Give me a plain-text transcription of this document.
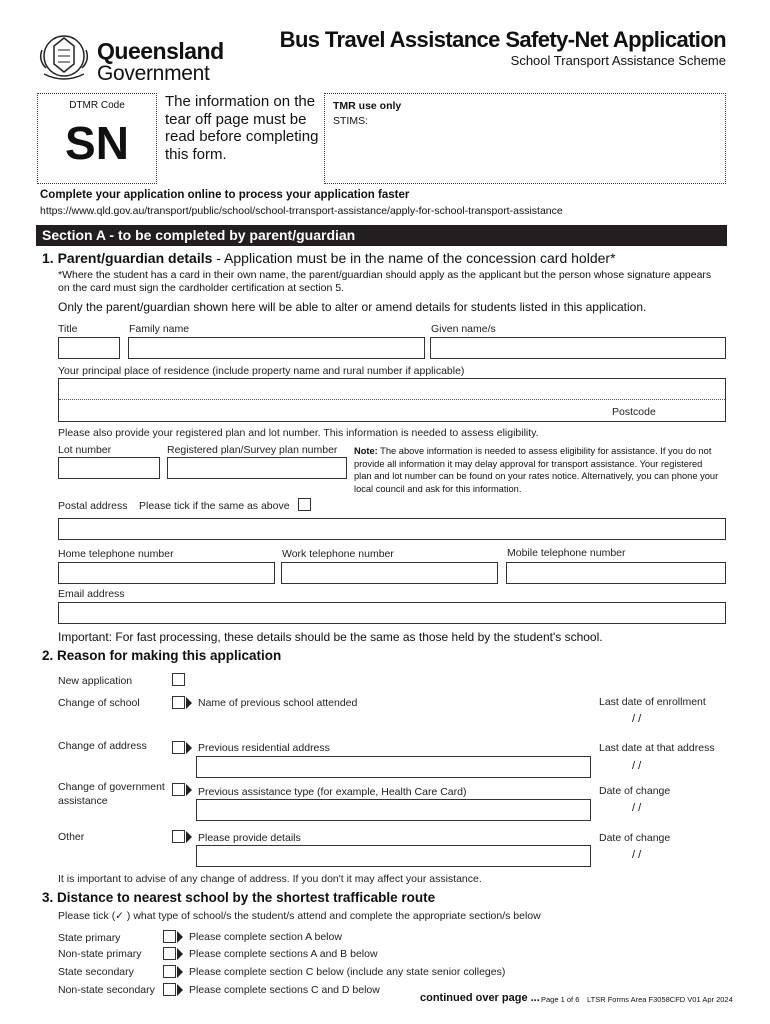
Queensland
Government
Bus Travel Assistance Safety-Net Application
School Transport Assistance Scheme
DTMR Code
SN
The information on the tear off page must be read before completing this form.
TMR use only
STIMS:
Complete your application online to process your application faster
https://www.qld.gov.au/transport/public/school/school-trransport-assistance/apply-for-school-transport-assistance
Section A - to be completed by parent/guardian
1. Parent/guardian details - Application must be in the name of the concession card holder*
*Where the student has a card in their own name, the parent/guardian should apply as the applicant but the person whose signature appears on the card must sign the cardholder certification at section 5.
Only the parent/guardian shown here will be able to alter or amend details for students listed in this application.
Title	Family name	Given name/s
Your principal place of residence (include property name and rural number if applicable)
Postcode
Please also provide your registered plan and lot number. This information is needed to assess eligibility.
Lot number	Registered plan/Survey plan number Note: The above information is needed to assess eligibility for assistance. If you do not provide all information it may delay approval for transport assistance. Your registered plan and lot number can be found on your rates notice. Alternatively, you can phone your local council and ask for this information.
Postal address Please tick if the same as above
Home telephone number	Work telephone number	Mobile telephone number
Email address
Important: For fast processing, these details should be the same as those held by the student's school.
2. Reason for making this application
New application
Change of school	Name of previous school attended	Last date of enrollment
/ /
Change of address	Previous residential address	Last date at that address
/ /
Change of government
assistance
Previous assistance type (for example, Health Care Card)	Date of change
/ /
Other	Please provide details	Date of change
/ /
It is important to advise of any change of address. If you don't it may affect your assistance.
3. Distance to nearest school by the shortest trafficable route
Please tick (✓ ) what type of school/s the student/s attend and complete the appropriate section/s below
State primary	Please complete section A below
Non-state primary	Please complete sections A and B below
State secondary	Please complete section C below (include any state senior colleges)
Non-state secondary	Please complete sections C and D below
continued over page ... Page 1 of 6 LTSR Forms Area F3058CFD V01 Apr 2024
